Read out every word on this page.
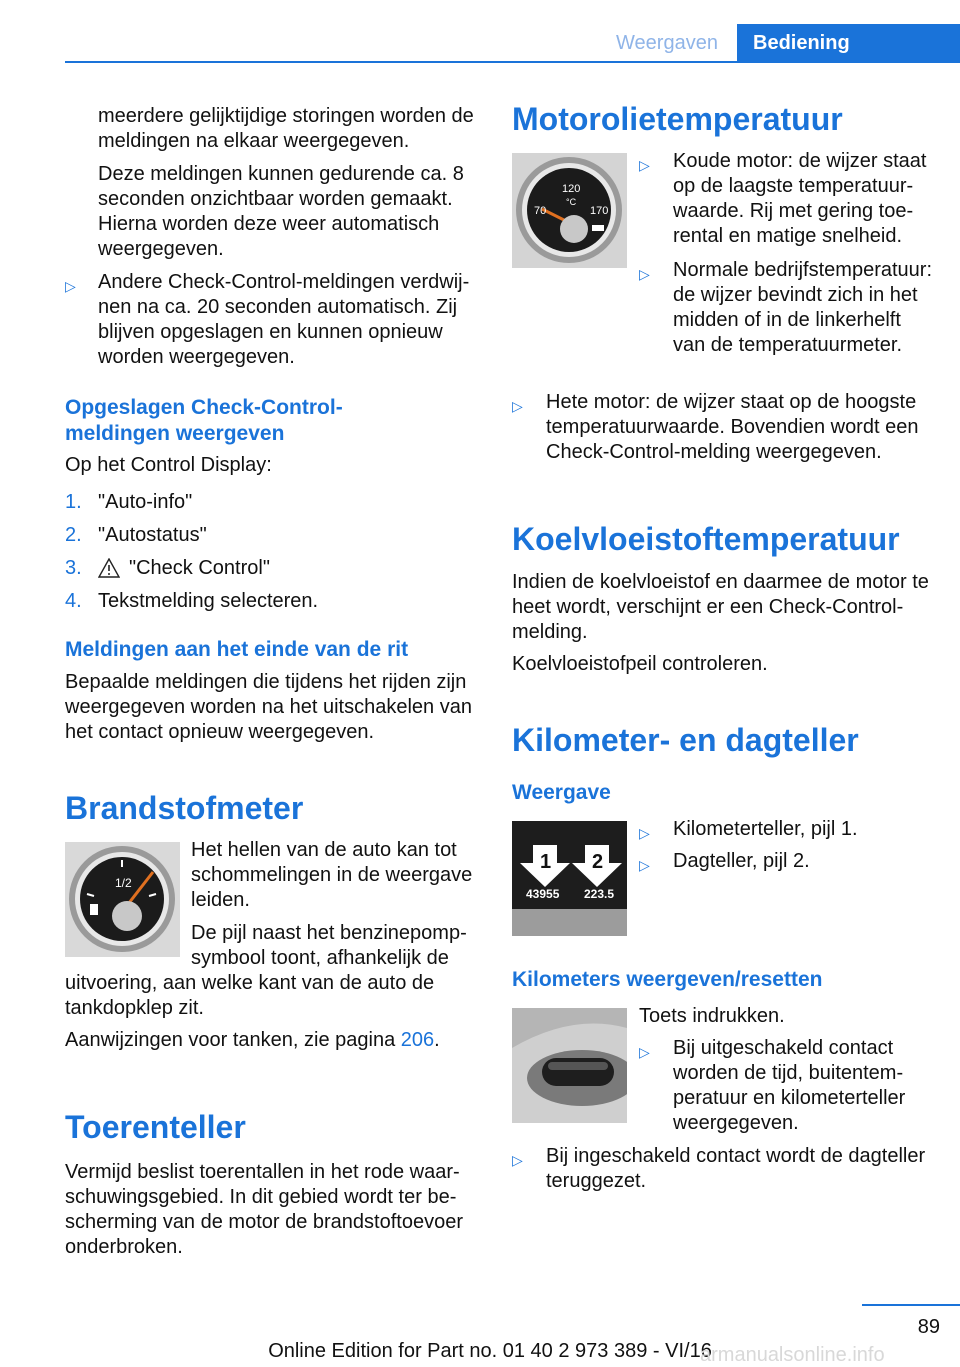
Weergaven	Bediening

meerdere gelijktijdige storingen worden de meldingen na elkaar weergegeven.

Deze meldingen kunnen gedurende ca. 8 seconden onzichtbaar worden gemaakt. Hierna worden deze weer automatisch weergegeven.

▷ Andere Check-Control-meldingen verdwijnen na ca. 20 seconden automatisch. Zij blijven opgeslagen en kunnen opnieuw worden weergegeven.

Opgeslagen Check-Control-meldingen weergeven

Op het Control Display:

1. "Auto-info"
2. "Autostatus"
3. "Check Control"
4. Tekstmelding selecteren.

Meldingen aan het einde van de rit

Bepaalde meldingen die tijdens het rijden zijn weergegeven worden na het uitschakelen van het contact opnieuw weergegeven.

Brandstofmeter

1/2

Het hellen van de auto kan tot schommelingen in de weergave leiden.

De pijl naast het benzinepompsymbool toont, afhankelijk de uitvoering, aan welke kant van de auto de tankdopklep zit.

Aanwijzingen voor tanken, zie pagina 206.

Toerenteller

Vermijd beslist toerentallen in het rode waarschuwingsgebied. In dit gebied wordt ter bescherming van de motor de brandstoftoevoer onderbroken.

Motorolietemperatuur

120
°C
70	170
▷ Koude motor: de wijzer staat op de laagste temperatuurwaarde. Rij met gering toerental en matige snelheid.
▷ Normale bedrijfstemperatuur: de wijzer bevindt zich in het midden of in de linkerhelft van de temperatuurmeter.
▷ Hete motor: de wijzer staat op de hoogste temperatuurwaarde. Bovendien wordt een Check-Control-melding weergegeven.

Koelvloeistoftemperatuur

Indien de koelvloeistof en daarmee de motor te heet wordt, verschijnt er een Check-Control-melding.

Koelvloeistofpeil controleren.

Kilometer- en dagteller

Weergave

1 2
43955 223.5
▷ Kilometerteller, pijl 1.
▷ Dagteller, pijl 2.

Kilometers weergeven/resetten

Toets indrukken.

▷ Bij uitgeschakeld contact worden de tijd, buitentemperatuur en kilometerteller weergegeven.
▷ Bij ingeschakeld contact wordt de dagteller teruggezet.
89
Online Edition for Part no. 01 40 2 973 389 - VI/16
armanualsonline.info
